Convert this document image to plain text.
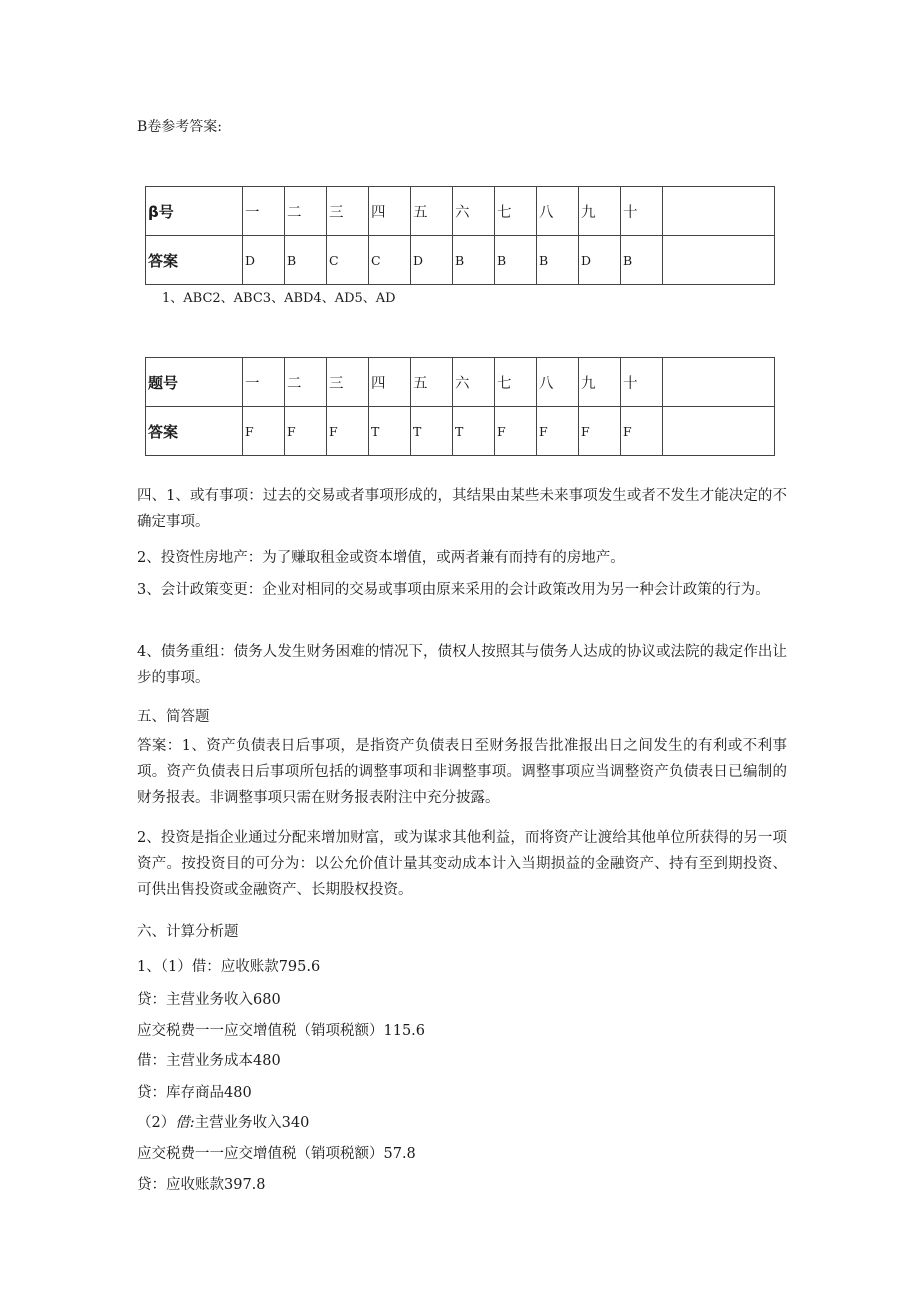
B卷参考答案:
β号	一	二	三	四	五	六	七	八	九	十	
答案	D	B	C	C	D	B	B	B	D	B	
1、ABC2、ABC3、ABD4、AD5、AD
题号	一	二	三	四	五	六	七	八	九	十	
答案	F	F	F	T	T	T	F	F	F	F	
四、1、或有事项：过去的交易或者事项形成的，其结果由某些未来事项发生或者不发生才能决定的不确定事项。
2、投资性房地产：为了赚取租金或资本增值，或两者兼有而持有的房地产。
3、会计政策变更：企业对相同的交易或事项由原来采用的会计政策改用为另一种会计政策的行为。
4、债务重组：债务人发生财务困难的情况下，债权人按照其与债务人达成的协议或法院的裁定作出让步的事项。
五、简答题
答案：1、资产负债表日后事项，是指资产负债表日至财务报告批准报出日之间发生的有利或不利事项。资产负债表日后事项所包括的调整事项和非调整事项。调整事项应当调整资产负债表日已编制的财务报表。非调整事项只需在财务报表附注中充分披露。
2、投资是指企业通过分配来增加财富，或为谋求其他利益，而将资产让渡给其他单位所获得的另一项资产。按投资目的可分为：以公允价值计量其变动成本计入当期损益的金融资产、持有至到期投资、可供出售投资或金融资产、长期股权投资。
六、计算分析题
1、（1）借：应收账款795.6
贷：主营业务收入680
应交税费一一应交增值税（销项税额）115.6
借：主营业务成本480
贷：库存商品480
（2）借:主营业务收入340
应交税费一一应交增值税（销项税额）57.8
贷：应收账款397.8
